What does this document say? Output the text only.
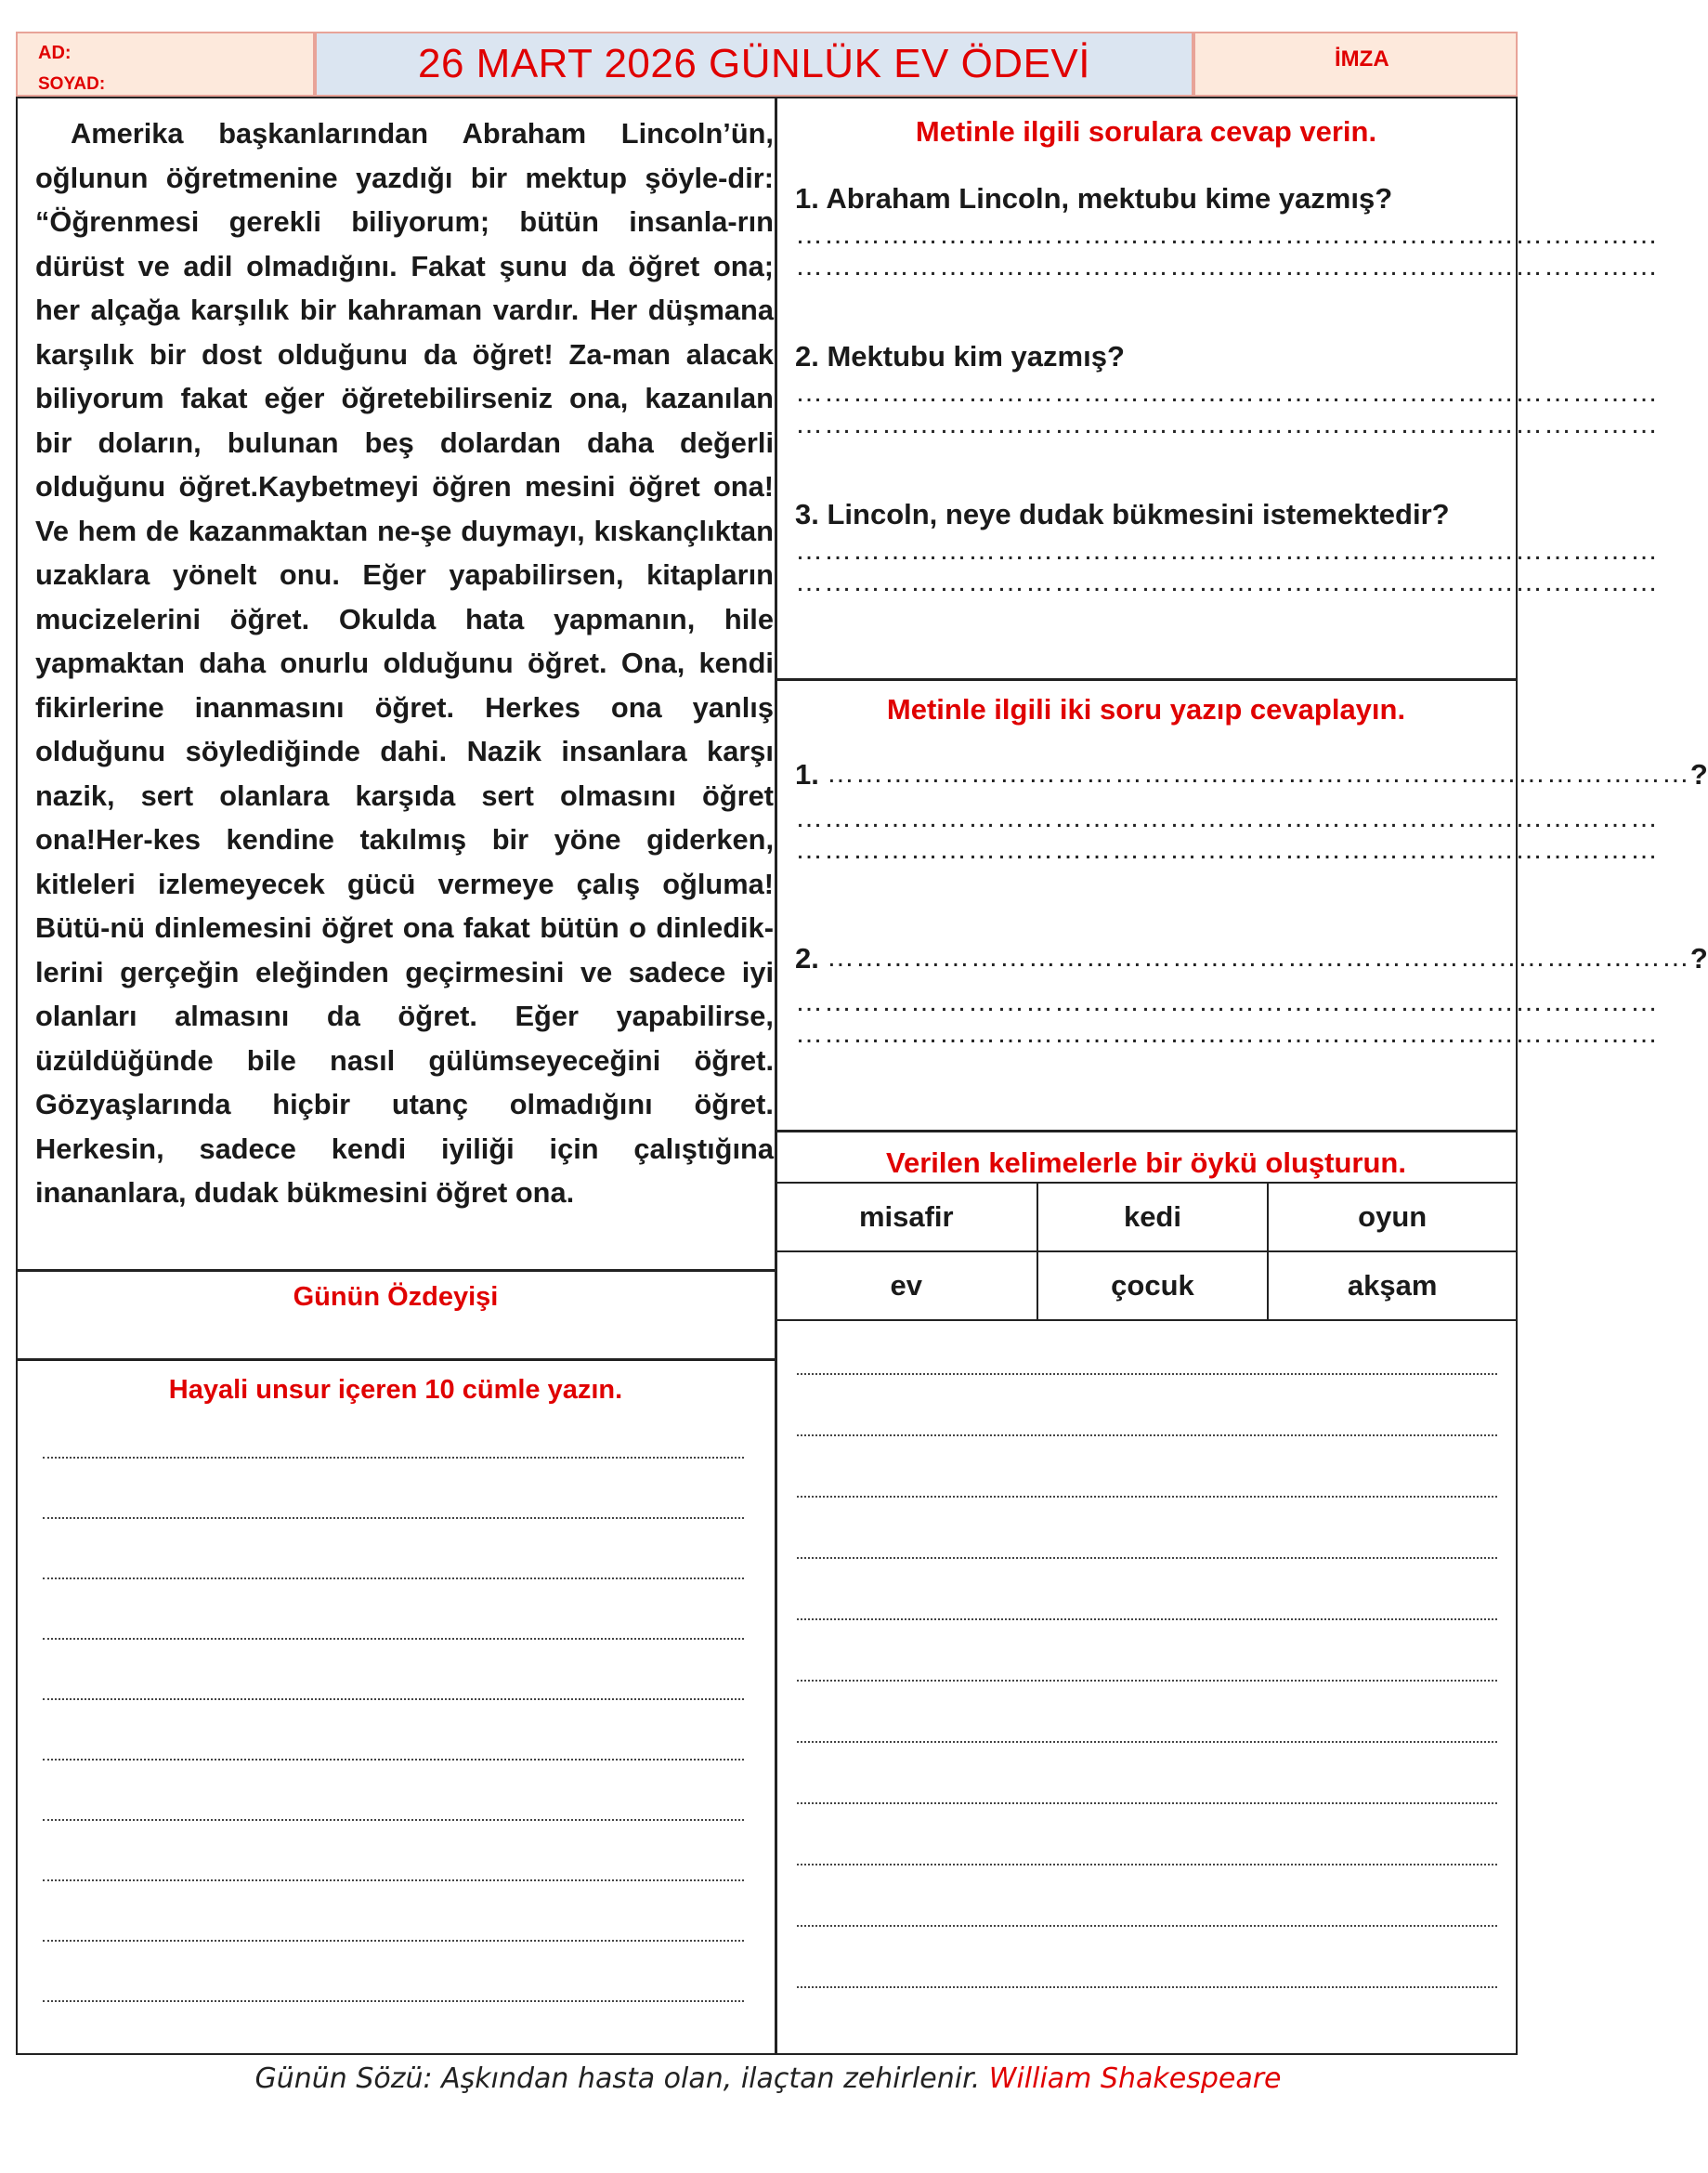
AD:
SOYAD:	26 MART 2026 GÜNLÜK EV ÖDEVİ	İMZA

Amerika başkanlarından Abraham Lincoln’ün, oğlunun öğretmenine yazdığı bir mektup şöyle-dir: “Öğrenmesi gerekli biliyorum; bütün insanla-rın dürüst ve adil olmadığını. Fakat şunu da öğret ona; her alçağa karşılık bir kahraman vardır. Her düşmana karşılık bir dost olduğunu da öğret! Za-man alacak biliyorum fakat eğer öğretebilirseniz ona, kazanılan bir doların, bulunan beş dolardan daha değerli olduğunu öğret.Kaybetmeyi öğren mesini öğret ona! Ve hem de kazanmaktan ne-şe duymayı, kıskançlıktan uzaklara yönelt onu. Eğer yapabilirsen, kitapların mucizelerini öğret. Okulda hata yapmanın, hile yapmaktan daha onurlu olduğunu öğret. Ona, kendi fikirlerine inanmasını öğret. Herkes ona yanlış olduğunu söylediğinde dahi. Nazik insanlara karşı nazik, sert olanlara karşıda sert olmasını öğret ona!Her-kes kendine takılmış bir yöne giderken, kitleleri izlemeyecek gücü vermeye çalış oğluma! Bütü-nü dinlemesini öğret ona fakat bütün o dinledik-lerini gerçeğin eleğinden geçirmesini ve sadece iyi olanları almasını da öğret. Eğer yapabilirse, üzüldüğünde bile nasıl gülümseyeceğini öğret. Gözyaşlarında hiçbir utanç olmadığını öğret. Herkesin, sadece kendi iyiliği için çalıştığına inananlara, dudak bükmesini öğret ona.

Günün Özdeyişi
Hayali unsur içeren 10 cümle yazın.
Metinle ilgili sorulara cevap verin.
1. Abraham Lincoln, mektubu kime yazmış?
………………………………………………………………………………
………………………………………………………………………………
2. Mektubu kim yazmış?
………………………………………………………………………………
………………………………………………………………………………
3. Lincoln, neye dudak bükmesini istemektedir?
………………………………………………………………………………
………………………………………………………………………………
Metinle ilgili iki soru yazıp cevaplayın.
1. ……………………………………………………………………………… ?
………………………………………………………………………………
………………………………………………………………………………
2. ……………………………………………………………………………… ?
………………………………………………………………………………
………………………………………………………………………………
Verilen kelimelerle bir öykü oluşturun.
misafir	kedi	oyun
ev	çocuk	akşam
Günün Sözü: Aşkından hasta olan, ilaçtan zehirlenir. William Shakespeare
